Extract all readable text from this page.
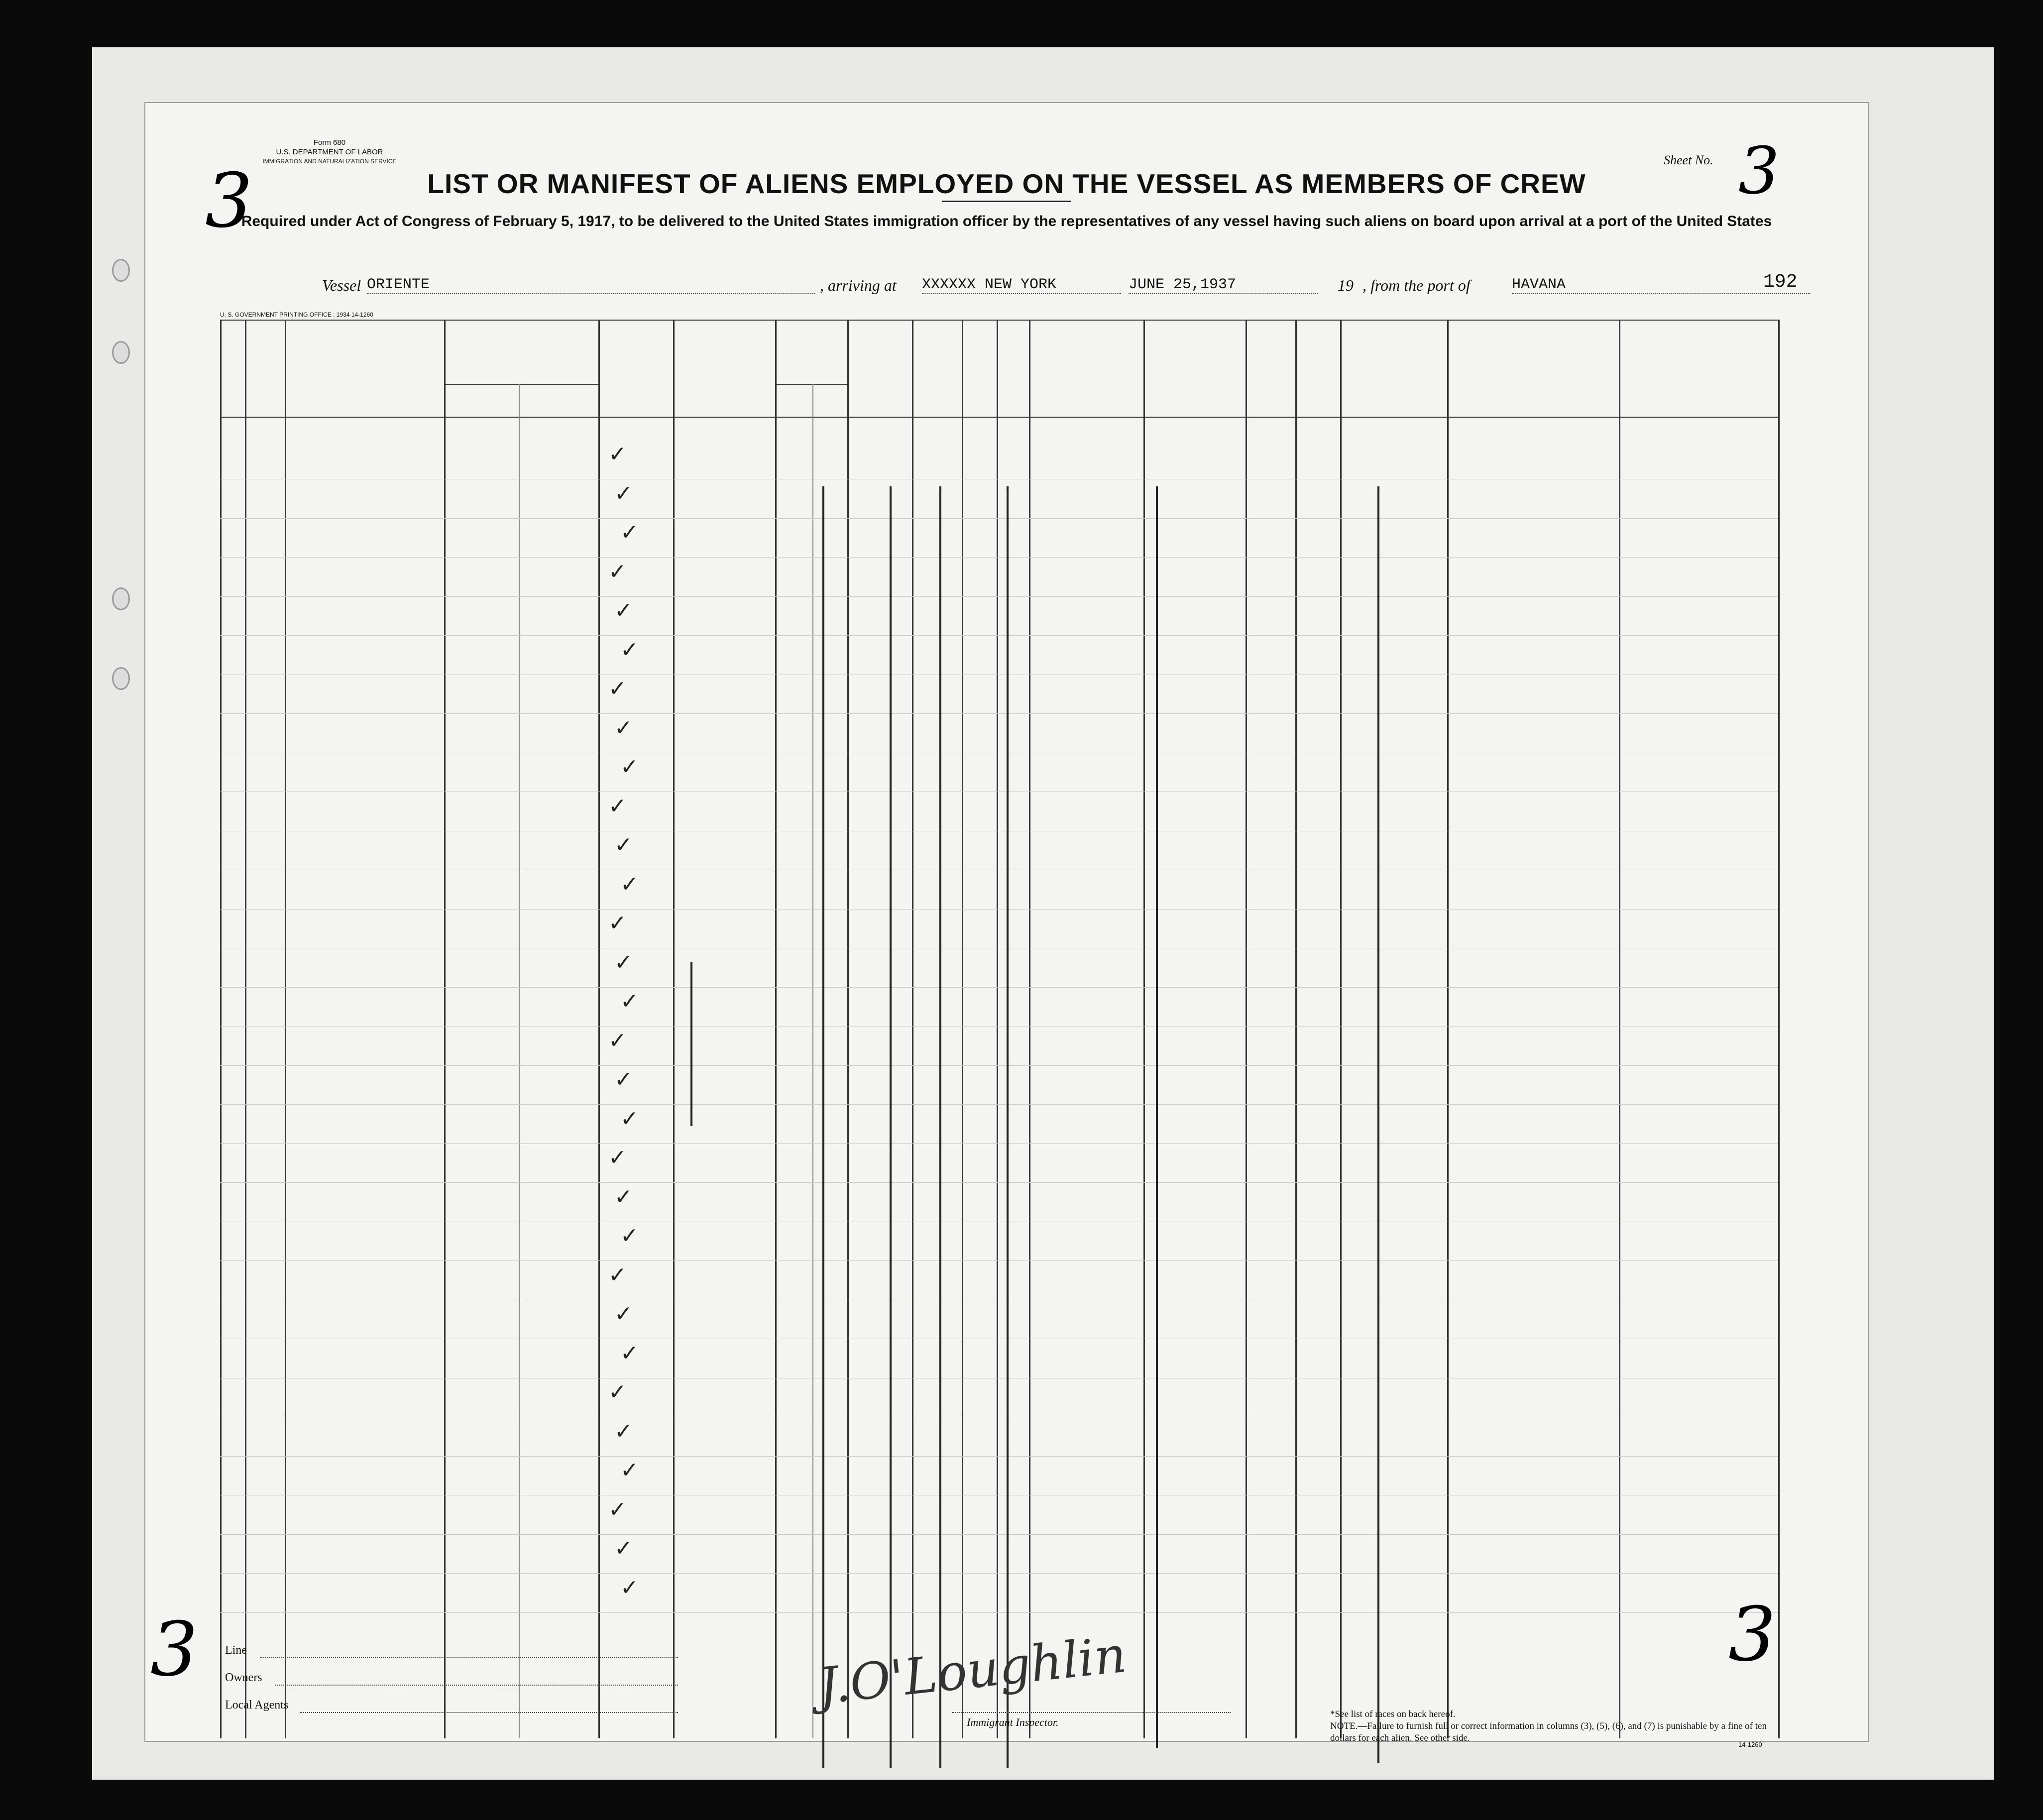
3
Form 680
U.S. DEPARTMENT OF LABOR
IMMIGRATION AND NATURALIZATION SERVICE	Sheet No. 3
LIST OR MANIFEST OF ALIENS EMPLOYED ON THE VESSEL AS MEMBERS OF CREW
Required under Act of Congress of February 5, 1917, to be delivered to the United States immigration officer by the representatives of any vessel having such aliens on board upon arrival at a port of the United States
Vessel ORIENTE	, arriving at XXXXXX NEW YORK	JUNE 25,1937	19 , from the port of	HAVANA	192
U. S. GOVERNMENT PRINTING OFFICE : 1934 14-1260
✓
✓
✓
✓
✓
✓
✓
✓
✓
✓
✓
✓
✓
✓
✓
✓
✓
✓
✓
✓
✓
✓
✓
✓
✓
✓
✓
✓
✓
✓
3 Line
Owners
Local Agents	J.O'Loughlin
Immigrant Inspector.
*See list of races on back hereof.
NOTE.—Failure to furnish full or correct information in columns (3), (5), (6), and (7) is punishable by a fine of ten dollars for each alien. See other side.
3
14-1260
